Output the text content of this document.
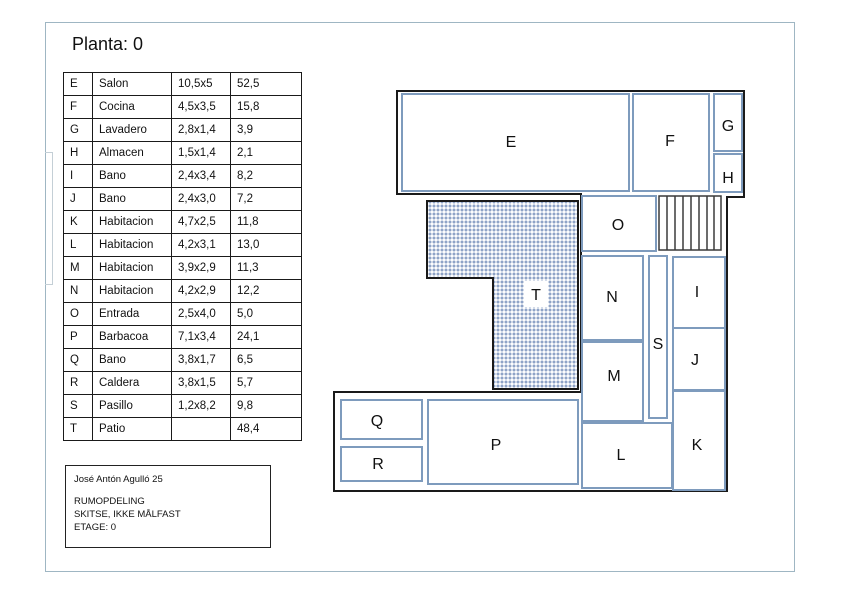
Planta: 0
E	Salon	10,5x5	52,5
F	Cocina	4,5x3,5	15,8
G	Lavadero	2,8x1,4	3,9
H	Almacen	1,5x1,4	2,1
I	Bano	2,4x3,4	8,2
J	Bano	2,4x3,0	7,2
K	Habitacion	4,7x2,5	11,8
L	Habitacion	4,2x3,1	13,0
M	Habitacion	3,9x2,9	11,3
N	Habitacion	4,2x2,9	12,2
O	Entrada	2,5x4,0	5,0
P	Barbacoa	7,1x3,4	24,1
Q	Bano	3,8x1,7	6,5
R	Caldera	3,8x1,5	5,7
S	Pasillo	1,2x8,2	9,8
T	Patio		48,4
José Antón Agulló 25
RUMOPDELING
SKITSE, IKKE MÅLFAST
ETAGE: 0
E	F
G
H
I
J
K
L
M
N
O
P
Q
R
S
T
